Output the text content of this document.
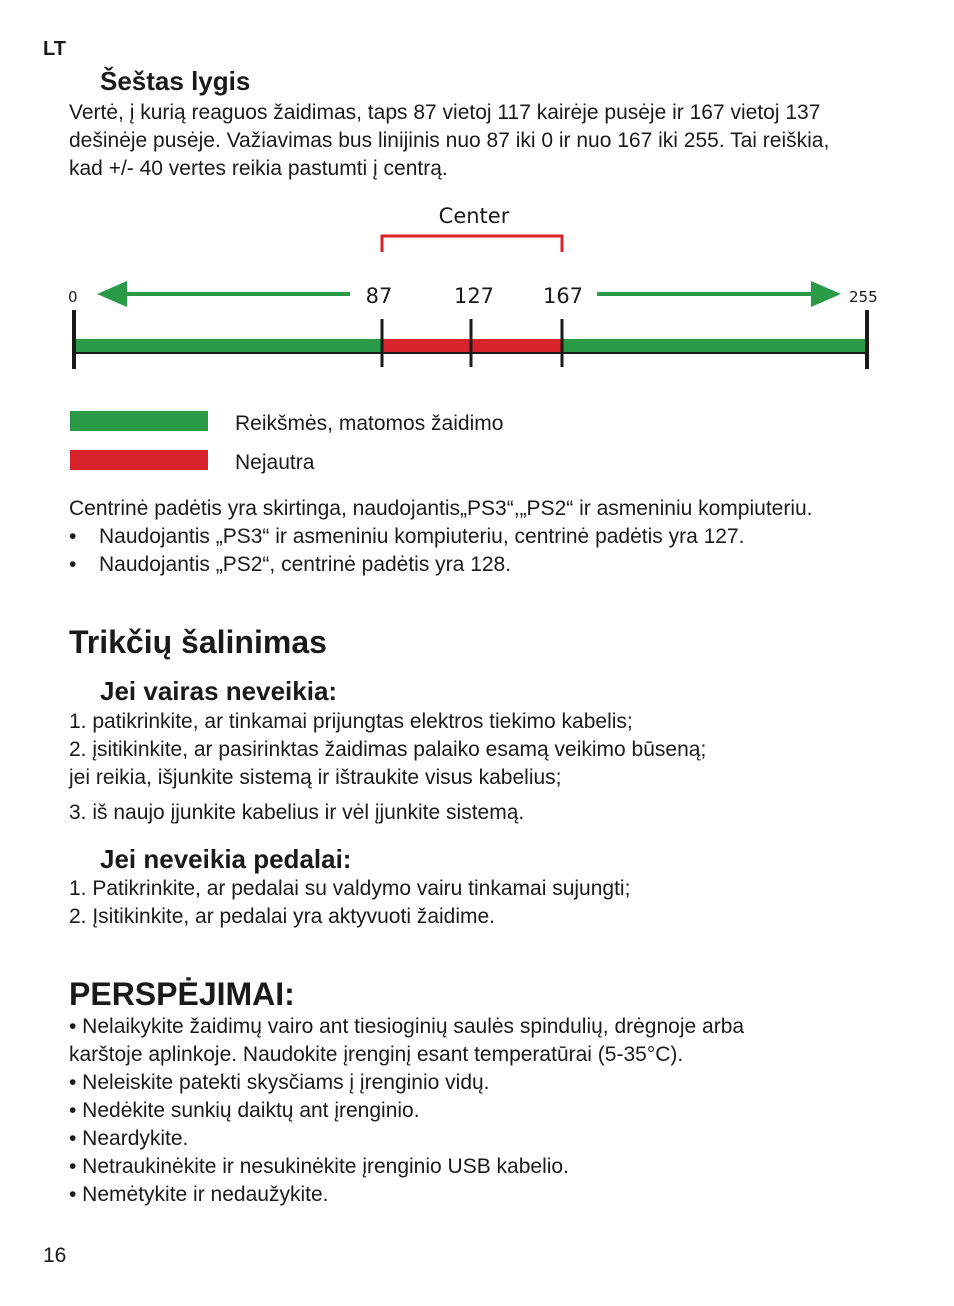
LT
Šeštas lygis
Vertė, į kurią reaguos žaidimas, taps 87 vietoj 117 kairėje pusėje ir 167 vietoj 137
dešinėje pusėje. Važiavimas bus linijinis nuo 87 iki 0 ir nuo 167 iki 255. Tai reiškia,
kad +/- 40 vertes reikia pastumti į centrą.
Center
0	87	127 167	255
Reikšmės, matomos žaidimo
Nejautra
Centrinė padėtis yra skirtinga, naudojantis„PS3“,„PS2“ ir asmeniniu kompiuteriu.
• Naudojantis „PS3“ ir asmeniniu kompiuteriu, centrinė padėtis yra 127.
• Naudojantis „PS2“, centrinė padėtis yra 128.
Trikčių šalinimas
Jei vairas neveikia:
1. patikrinkite, ar tinkamai prijungtas elektros tiekimo kabelis;
2. įsitikinkite, ar pasirinktas žaidimas palaiko esamą veikimo būseną;
jei reikia, išjunkite sistemą ir ištraukite visus kabelius;
3. iš naujo įjunkite kabelius ir vėl įjunkite sistemą.
Jei neveikia pedalai:
1. Patikrinkite, ar pedalai su valdymo vairu tinkamai sujungti;
2. Įsitikinkite, ar pedalai yra aktyvuoti žaidime.
PERSPĖJIMAI:
• Nelaikykite žaidimų vairo ant tiesioginių saulės spindulių, drėgnoje arba
karštoje aplinkoje. Naudokite įrenginį esant temperatūrai (5-35°C).
• Neleiskite patekti skysčiams į įrenginio vidų.
• Nedėkite sunkių daiktų ant įrenginio.
• Neardykite.
• Netraukinėkite ir nesukinėkite įrenginio USB kabelio.
• Nemėtykite ir nedaužykite.
16
